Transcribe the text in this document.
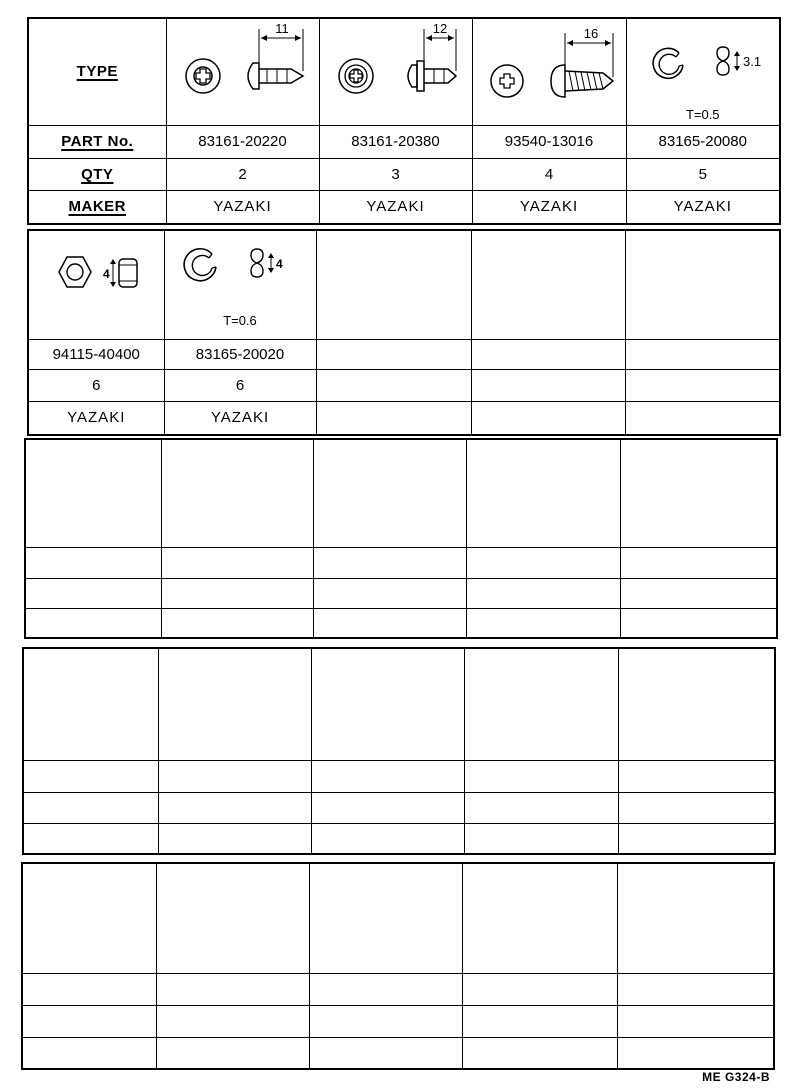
TYPE	11	12	16	3.1
T=0.5

PART No.	83161-20220	83161-20380	93540-13016	83165-20080
QTY	2	3	4	5
MAKER	YAZAKI	YAZAKI	YAZAKI	YAZAKI
4	4
T=0.6			

94115-40400	83165-20020			
6	6			
YAZAKI	YAZAKI			

ME G324-B
